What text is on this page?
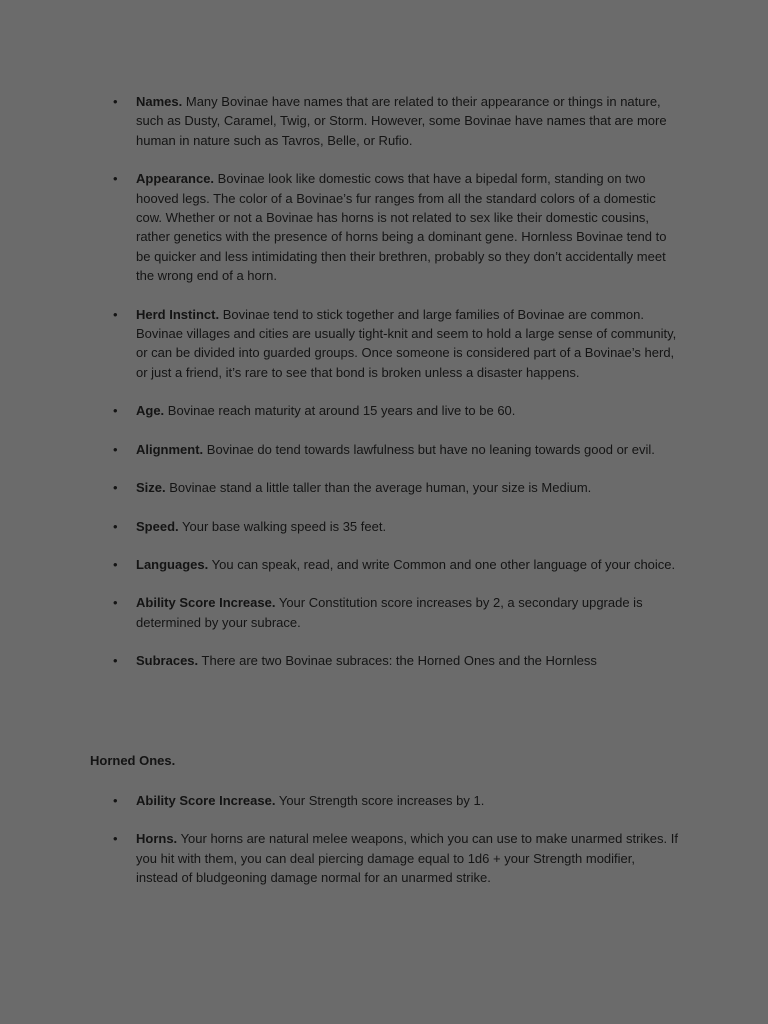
• Names. Many Bovinae have names that are related to their appearance or things in nature, such as Dusty, Caramel, Twig, or Storm. However, some Bovinae have names that are more human in nature such as Tavros, Belle, or Rufio.
• Appearance. Bovinae look like domestic cows that have a bipedal form, standing on two hooved legs. The color of a Bovinae’s fur ranges from all the standard colors of a domestic cow. Whether or not a Bovinae has horns is not related to sex like their domestic cousins, rather genetics with the presence of horns being a dominant gene. Hornless Bovinae tend to be quicker and less intimidating then their brethren, probably so they don’t accidentally meet the wrong end of a horn.
• Herd Instinct. Bovinae tend to stick together and large families of Bovinae are common. Bovinae villages and cities are usually tight-knit and seem to hold a large sense of community, or can be divided into guarded groups. Once someone is considered part of a Bovinae’s herd, or just a friend, it’s rare to see that bond is broken unless a disaster happens.
• Age. Bovinae reach maturity at around 15 years and live to be 60.
• Alignment. Bovinae do tend towards lawfulness but have no leaning towards good or evil.
• Size. Bovinae stand a little taller than the average human, your size is Medium.
• Speed. Your base walking speed is 35 feet.
• Languages. You can speak, read, and write Common and one other language of your choice.
• Ability Score Increase. Your Constitution score increases by 2, a secondary upgrade is determined by your subrace.
• Subraces. There are two Bovinae subraces: the Horned Ones and the Hornless
Horned Ones.
• Ability Score Increase. Your Strength score increases by 1.
• Horns. Your horns are natural melee weapons, which you can use to make unarmed strikes. If you hit with them, you can deal piercing damage equal to 1d6 + your Strength modifier, instead of bludgeoning damage normal for an unarmed strike.
